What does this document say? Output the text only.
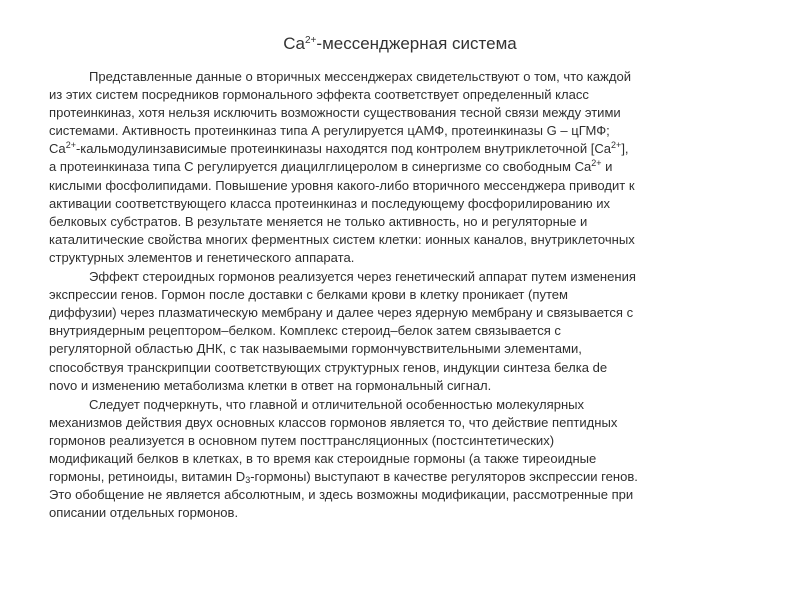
$Ca^{2+}$-мессенджерная система

Представленные данные о вторичных мессенджерах свидетельствуют о том, что каждой
из этих систем посредников гормонального эффекта соответствует определенный класс
протеинкиназ, хотя нельзя исключить возможности существования тесной связи между этими
системами. Активность протеинкиназ типа А регулируется цАМФ, протеинкиназы G – цГМФ;
$Ca^{2+}$-кальмодулинзависимые протеинкиназы находятся под контролем внутриклеточной $[Ca^{2+}]$,
а протеинкиназа типа С регулируется диацилглицеролом в синергизме со свободным $Ca^{2+}$ и
кислыми фосфолипидами. Повышение уровня какого-либо вторичного мессенджера приводит к
активации соответствующего класса протеинкиназ и последующему фосфорилированию их
белковых субстратов. В результате меняется не только активность, но и регуляторные и
каталитические свойства многих ферментных систем клетки: ионных каналов, внутриклеточных
структурных элементов и генетического аппарата.

Эффект стероидных гормонов реализуется через генетический аппарат путем изменения
экспрессии генов. Гормон после доставки с белками крови в клетку проникает (путем
диффузии) через плазматическую мембрану и далее через ядерную мембрану и связывается с
внутриядерным рецептором–белком. Комплекс стероид–белок затем связывается с
регуляторной областью ДНК, с так называемыми гормончувствительными элементами,
способствуя транскрипции соответствующих структурных генов, индукции синтеза белка de
novo и изменению метаболизма клетки в ответ на гормональный сигнал.

Следует подчеркнуть, что главной и отличительной особенностью молекулярных
механизмов действия двух основных классов гормонов является то, что действие пептидных
гормонов реализуется в основном путем посттрансляционных (постсинтетических)
модификаций белков в клетках, в то время как стероидные гормоны (а также тиреоидные
гормоны, ретиноиды, витамин $D_3-гормоны$) выступают в качестве регуляторов экспрессии генов.
Это обобщение не является абсолютным, и здесь возможны модификации, рассмотренные при
описании отдельных гормонов.
